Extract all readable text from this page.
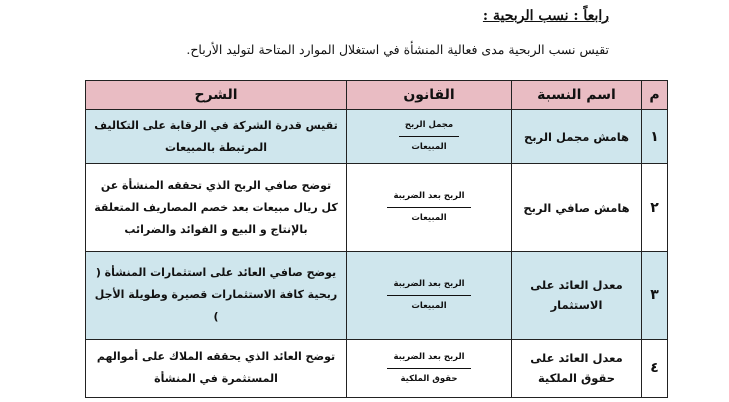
رابعاً : نسب الربحية :
تقيس نسب الربحية مدى فعالية المنشأة في استغلال الموارد المتاحة لتوليد الأرباح.
م	اسم النسبة	القانون	الشرح
١	هامش مجمل الربح	$\frac{\text{مجمل الربح}}{\text{المبيعات}}$	تقيس قدرة الشركة في الرقابة على التكاليف المرتبطة بالمبيعات
٢	هامش صافي الربح	$\frac{\text{الربح بعد الضريبة}}{\text{المبيعات}}$	توضح صافي الربح الذي تحققه المنشأة عن كل ريال مبيعات بعد خصم المصاريف المتعلقة بالإنتاج و البيع و الفوائد والضرائب
٣	معدل العائد على الاستثمار	$\frac{\text{الربح بعد الضريبة}}{\text{المبيعات}}$	يوضح صافي العائد على استثمارات المنشأة ( ربحية كافة الاستثمارات قصيرة وطويلة الأجل )
٤	معدل العائد على حقوق الملكية	$\frac{\text{الربح بعد الضريبة}}{\text{حقوق الملكية}}$	توضح العائد الذي يحققه الملاك على أموالهم المستثمرة في المنشأة
